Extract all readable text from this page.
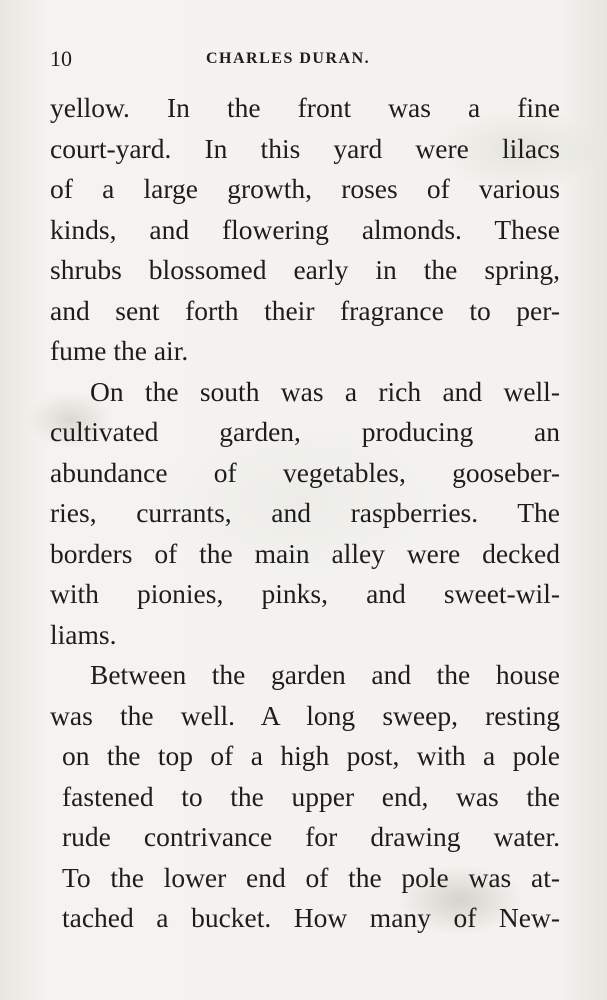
10	CHARLES DURAN.
yellow. In the front was a fine
court-yard. In this yard were lilacs
of a large growth, roses of various
kinds, and flowering almonds. These
shrubs blossomed early in the spring,
and sent forth their fragrance to per-
fume the air.
On the south was a rich and well-
cultivated garden, producing an
abundance of vegetables, gooseber-
ries, currants, and raspberries. The
borders of the main alley were decked
with pionies, pinks, and sweet-wil-
liams.
Between the garden and the house
was the well. A long sweep, resting
on the top of a high post, with a pole
fastened to the upper end, was the
rude contrivance for drawing water.
To the lower end of the pole was at-
tached a bucket. How many of New-
